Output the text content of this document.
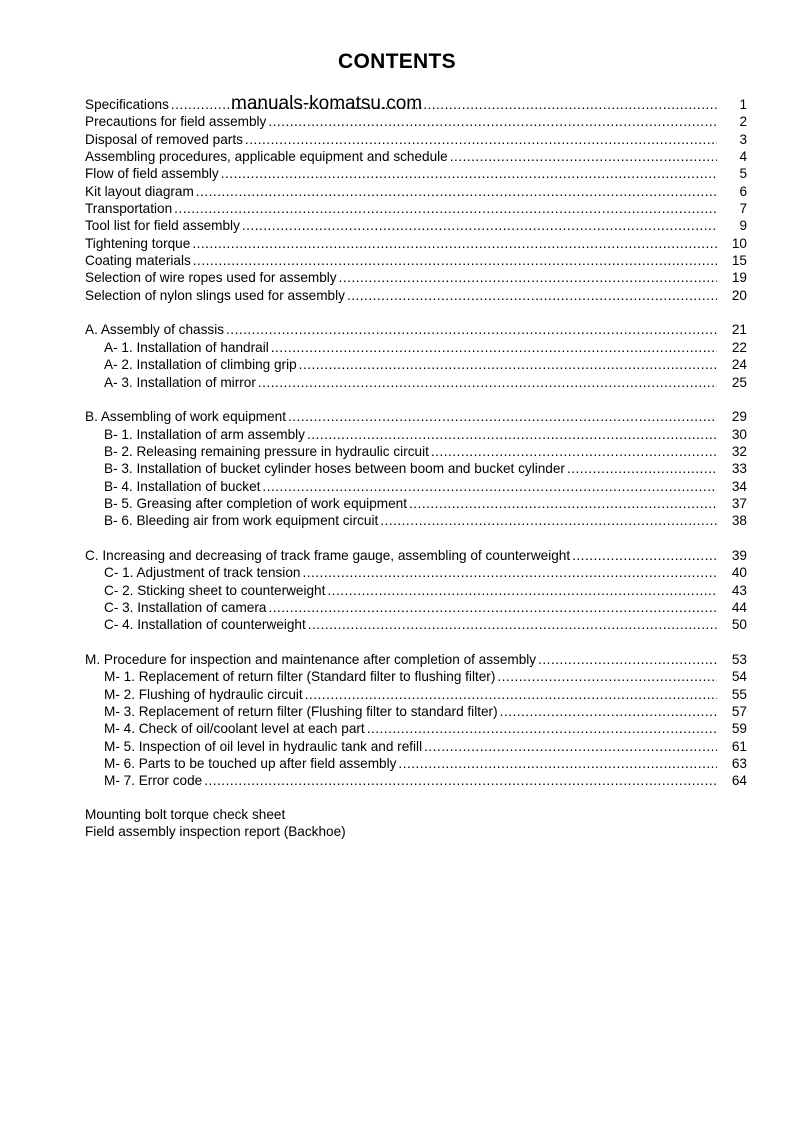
CONTENTS
manuals-komatsu.com
Specifications .....	1
Precautions for field assembly .....	2
Disposal of removed parts .....	3
Assembling procedures, applicable equipment and schedule .....	4
Flow of field assembly .....	5
Kit layout diagram .....	6
Transportation .....	7
Tool list for field assembly .....	9
Tightening torque .....	10
Coating materials .....	15
Selection of wire ropes used for assembly .....	19
Selection of nylon slings used for assembly .....	20
A. Assembly of chassis .....	21
A- 1. Installation of handrail .....	22
A- 2. Installation of climbing grip .....	24
A- 3. Installation of mirror .....	25
B. Assembling of work equipment .....	29
B- 1. Installation of arm assembly .....	30
B- 2. Releasing remaining pressure in hydraulic circuit .....	32
B- 3. Installation of bucket cylinder hoses between boom and bucket cylinder .....	33
B- 4. Installation of bucket .....	34
B- 5. Greasing after completion of work equipment .....	37
B- 6. Bleeding air from work equipment circuit .....	38
C. Increasing and decreasing of track frame gauge, assembling of counterweight .....	39
C- 1. Adjustment of track tension .....	40
C- 2. Sticking sheet to counterweight .....	43
C- 3. Installation of camera .....	44
C- 4. Installation of counterweight .....	50
M. Procedure for inspection and maintenance after completion of assembly .....	53
M- 1. Replacement of return filter (Standard filter to flushing filter) .....	54
M- 2. Flushing of hydraulic circuit .....	55
M- 3. Replacement of return filter (Flushing filter to standard filter) .....	57
M- 4. Check of oil/coolant level at each part .....	59
M- 5. Inspection of oil level in hydraulic tank and refill .....	61
M- 6. Parts to be touched up after field assembly .....	63
M- 7. Error code .....	64
Mounting bolt torque check sheet
Field assembly inspection report (Backhoe)
